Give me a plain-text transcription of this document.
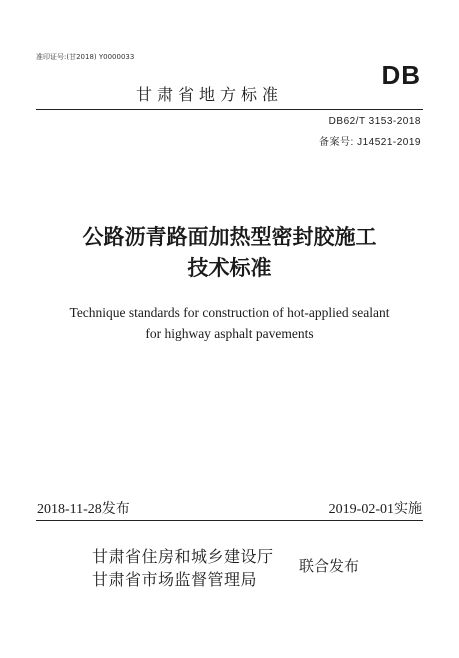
准印证号:(甘2018) Y0000033
DB
甘肃省地方标准
DB62/T 3153-2018
备案号: J14521-2019
公路沥青路面加热型密封胶施工
技术标准
Technique standards for construction of hot-applied sealant
for highway asphalt pavements
2018-11-28发布	2019-02-01实施
甘肃省住房和城乡建设厅
甘肃省市场监督管理局
联合发布
